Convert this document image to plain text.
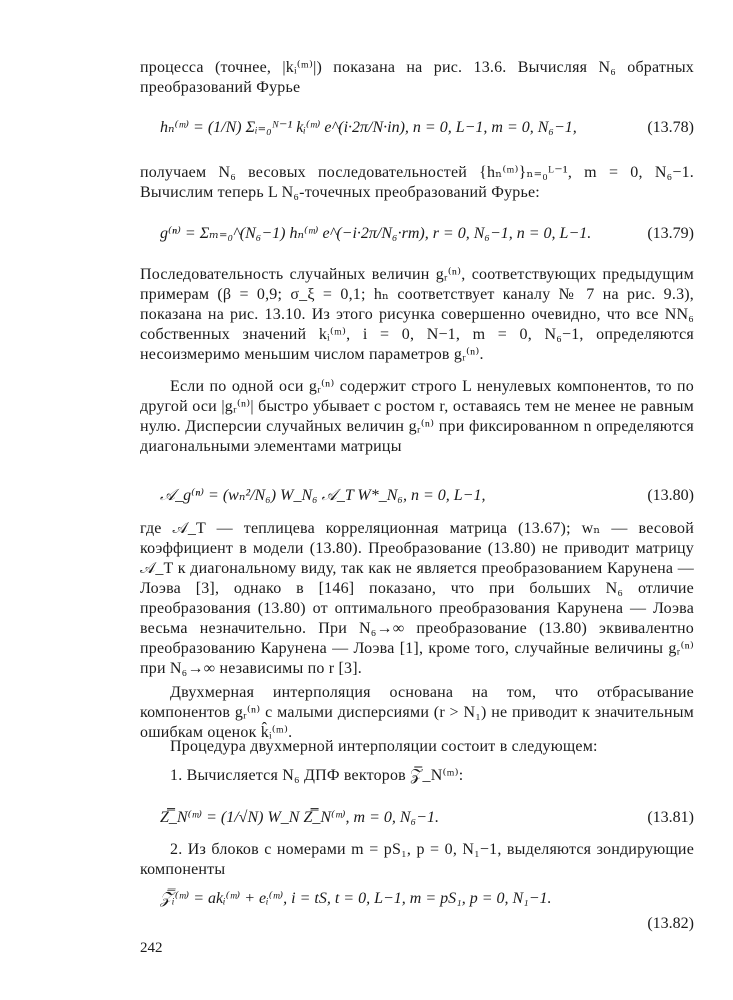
процесса (точнее, |kᵢ⁽ᵐ⁾|) показана на рис. 13.6. Вычисляя N₆ обратных преобразований Фурье

hₙ⁽ᵐ⁾ = (1/N) Σᵢ₌₀ᴺ⁻¹ kᵢ⁽ᵐ⁾ e^(i·2π/N·in), n = 0, L−1, m = 0, N₆−1,	(13.78)

получаем N₆ весовых последовательностей {hₙ⁽ᵐ⁾}ₙ₌₀ᴸ⁻¹, m = 0, N₆−1. Вычислим теперь L N₆-точечных преобразований Фурье:

g⁽ⁿ⁾ = Σₘ₌₀^(N₆−1) hₙ⁽ᵐ⁾ e^(−i·2π/N₆·rm), r = 0, N₆−1, n = 0, L−1.	(13.79)

Последовательность случайных величин gᵣ⁽ⁿ⁾, соответствующих предыдущим примерам (β = 0,9; σ_ξ = 0,1; hₙ соответствует каналу № 7 на рис. 9.3), показана на рис. 13.10. Из этого рисунка совершенно очевидно, что все NN₆ собственных значений kᵢ⁽ᵐ⁾, i = 0, N−1, m = 0, N₆−1, определяются несоизмеримо меньшим числом параметров gᵣ⁽ⁿ⁾.

Если по одной оси gᵣ⁽ⁿ⁾ содержит строго L ненулевых компонентов, то по другой оси |gᵣ⁽ⁿ⁾| быстро убывает с ростом r, оставаясь тем не менее не равным нулю. Дисперсии случайных величин gᵣ⁽ⁿ⁾ при фиксированном n определяются диагональными элементами матрицы

𝒜_g⁽ⁿ⁾ = (wₙ²/N₆) W_N₆ 𝒜_T W*_N₆, n = 0, L−1,	(13.80)

где 𝒜_T — теплицева корреляционная матрица (13.67); wₙ — весовой коэффициент в модели (13.80). Преобразование (13.80) не приводит матрицу 𝒜_T к диагональному виду, так как не является преобразованием Карунена — Лоэва [3], однако в [146] показано, что при больших N₆ отличие преобразования (13.80) от оптимального преобразования Карунена — Лоэва весьма незначительно. При N₆→∞ преобразование (13.80) эквивалентно преобразованию Карунена — Лоэва [1], кроме того, случайные величины gᵣ⁽ⁿ⁾ при N₆→∞ независимы по r [3].

Двухмерная интерполяция основана на том, что отбрасывание компонентов gᵣ⁽ⁿ⁾ с малыми дисперсиями (r > N₁) не приводит к значительным ошибкам оценок k̂ᵢ⁽ᵐ⁾.

Процедура двухмерной интерполяции состоит в следующем:

1. Вычисляется N₆ ДПФ векторов 𝒵̿_N⁽ᵐ⁾:

Z̿_N⁽ᵐ⁾ = (1/√N) W_N Z̿_N⁽ᵐ⁾, m = 0, N₆−1.	(13.81)

2. Из блоков с номерами m = pS₁, p = 0, N₁−1, выделяются зондирующие компоненты

𝒵̿ᵢ⁽ᵐ⁾ = akᵢ⁽ᵐ⁾ + eᵢ⁽ᵐ⁾, i = tS, t = 0, L−1, m = pS₁, p = 0, N₁−1.
(13.82)
242
